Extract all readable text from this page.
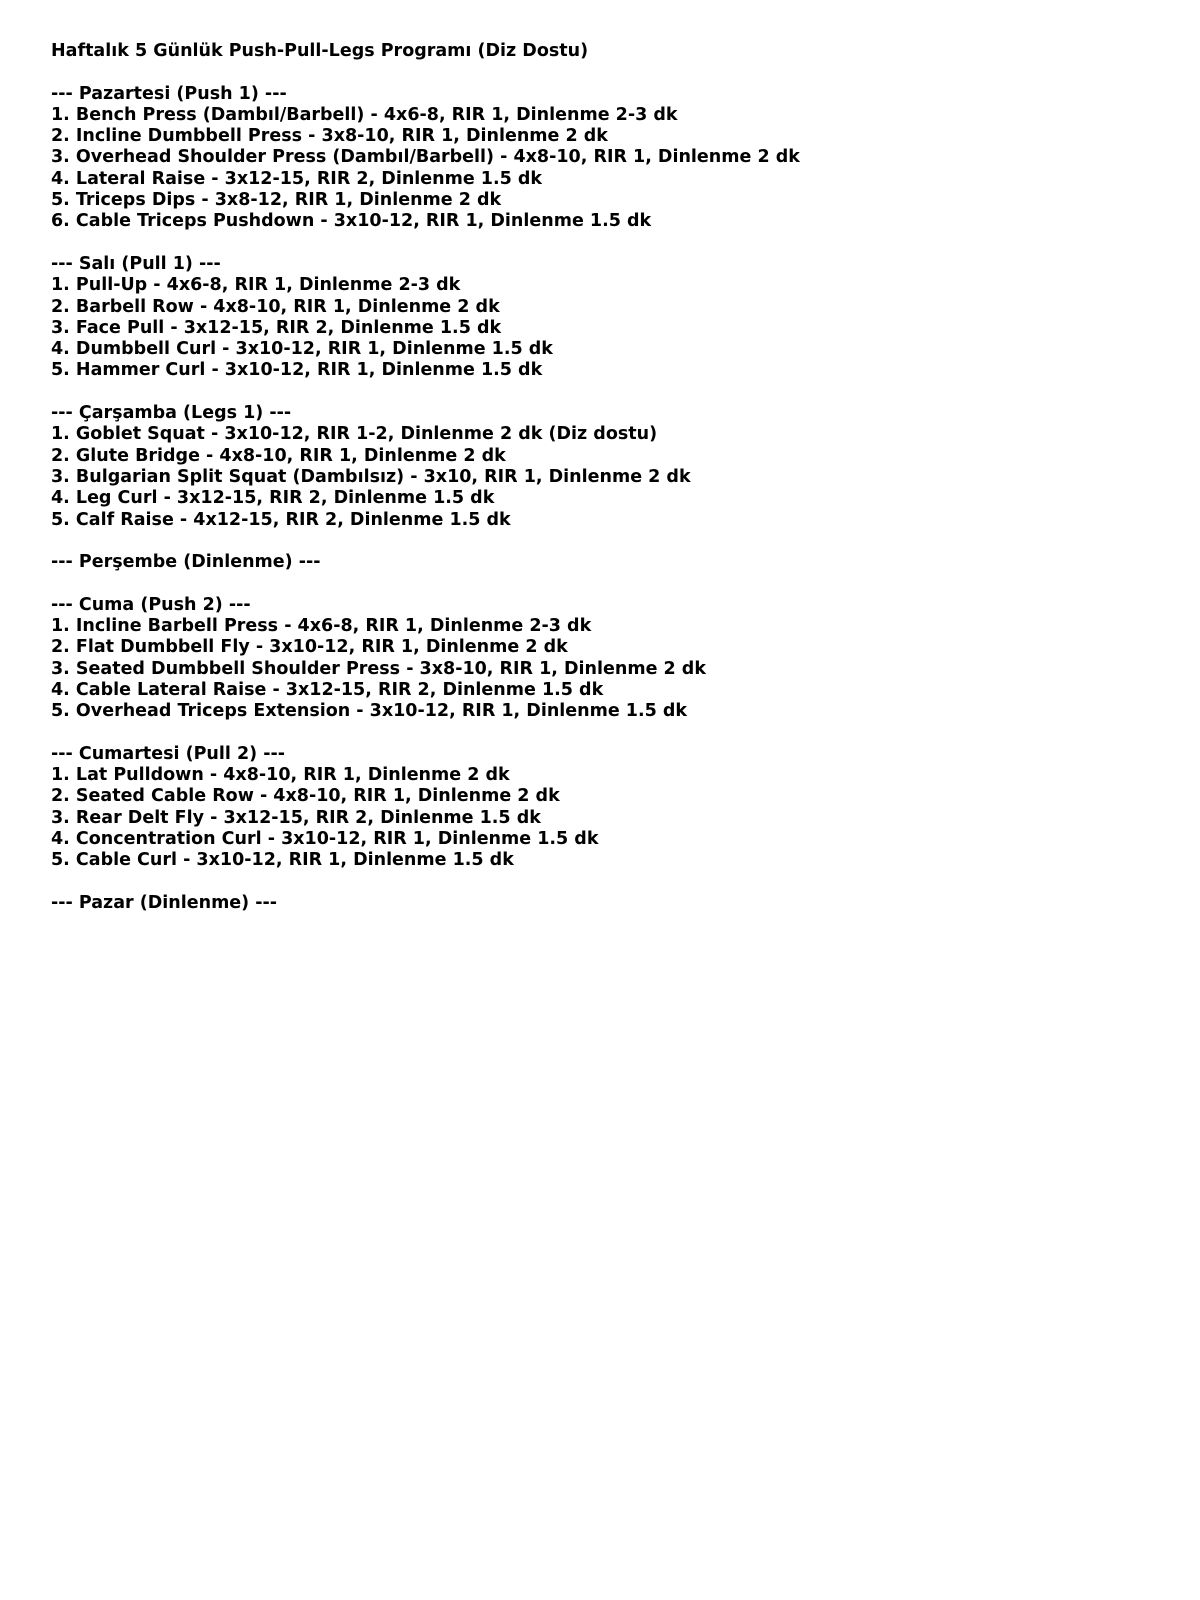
Haftalık 5 Günlük Push-Pull-Legs Programı (Diz Dostu)
--- Pazartesi (Push 1) ---
1. Bench Press (Dambıl/Barbell) - 4x6-8, RIR 1, Dinlenme 2-3 dk
2. Incline Dumbbell Press - 3x8-10, RIR 1, Dinlenme 2 dk
3. Overhead Shoulder Press (Dambıl/Barbell) - 4x8-10, RIR 1, Dinlenme 2 dk
4. Lateral Raise - 3x12-15, RIR 2, Dinlenme 1.5 dk
5. Triceps Dips - 3x8-12, RIR 1, Dinlenme 2 dk
6. Cable Triceps Pushdown - 3x10-12, RIR 1, Dinlenme 1.5 dk
--- Salı (Pull 1) ---
1. Pull-Up - 4x6-8, RIR 1, Dinlenme 2-3 dk
2. Barbell Row - 4x8-10, RIR 1, Dinlenme 2 dk
3. Face Pull - 3x12-15, RIR 2, Dinlenme 1.5 dk
4. Dumbbell Curl - 3x10-12, RIR 1, Dinlenme 1.5 dk
5. Hammer Curl - 3x10-12, RIR 1, Dinlenme 1.5 dk
--- Çarşamba (Legs 1) ---
1. Goblet Squat - 3x10-12, RIR 1-2, Dinlenme 2 dk (Diz dostu)
2. Glute Bridge - 4x8-10, RIR 1, Dinlenme 2 dk
3. Bulgarian Split Squat (Dambılsız) - 3x10, RIR 1, Dinlenme 2 dk
4. Leg Curl - 3x12-15, RIR 2, Dinlenme 1.5 dk
5. Calf Raise - 4x12-15, RIR 2, Dinlenme 1.5 dk
--- Perşembe (Dinlenme) ---
--- Cuma (Push 2) ---
1. Incline Barbell Press - 4x6-8, RIR 1, Dinlenme 2-3 dk
2. Flat Dumbbell Fly - 3x10-12, RIR 1, Dinlenme 2 dk
3. Seated Dumbbell Shoulder Press - 3x8-10, RIR 1, Dinlenme 2 dk
4. Cable Lateral Raise - 3x12-15, RIR 2, Dinlenme 1.5 dk
5. Overhead Triceps Extension - 3x10-12, RIR 1, Dinlenme 1.5 dk
--- Cumartesi (Pull 2) ---
1. Lat Pulldown - 4x8-10, RIR 1, Dinlenme 2 dk
2. Seated Cable Row - 4x8-10, RIR 1, Dinlenme 2 dk
3. Rear Delt Fly - 3x12-15, RIR 2, Dinlenme 1.5 dk
4. Concentration Curl - 3x10-12, RIR 1, Dinlenme 1.5 dk
5. Cable Curl - 3x10-12, RIR 1, Dinlenme 1.5 dk
--- Pazar (Dinlenme) ---
